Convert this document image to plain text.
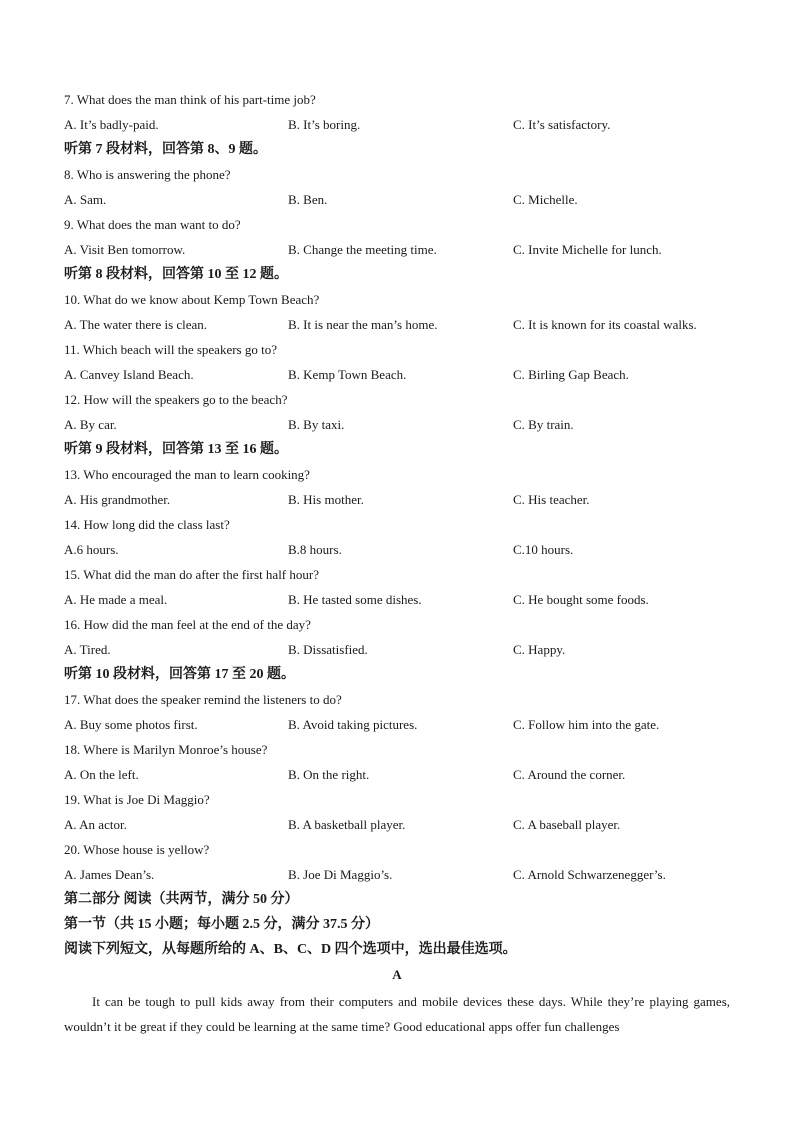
7. What does the man think of his part-time job?
A. It’s badly-paid.	B. It’s boring.	C. It’s satisfactory.
听第 7 段材料，回答第 8、9 题。
8. Who is answering the phone?
A. Sam.	B. Ben.	C. Michelle.
9. What does the man want to do?
A. Visit Ben tomorrow.	B. Change the meeting time.	C. Invite Michelle for lunch.
听第 8 段材料，回答第 10 至 12 题。
10. What do we know about Kemp Town Beach?
A. The water there is clean.	B. It is near the man’s home.	C. It is known for its coastal walks.
11. Which beach will the speakers go to?
A. Canvey Island Beach.	B. Kemp Town Beach.	C. Birling Gap Beach.
12. How will the speakers go to the beach?
A. By car.	B. By taxi.	C. By train.
听第 9 段材料，回答第 13 至 16 题。
13. Who encouraged the man to learn cooking?
A. His grandmother.	B. His mother.	C. His teacher.
14. How long did the class last?
A.6 hours.	B.8 hours.	C.10 hours.
15. What did the man do after the first half hour?
A. He made a meal.	B. He tasted some dishes.	C. He bought some foods.
16. How did the man feel at the end of the day?
A. Tired.	B. Dissatisfied.	C. Happy.
听第 10 段材料，回答第 17 至 20 题。
17. What does the speaker remind the listeners to do?
A. Buy some photos first.	B. Avoid taking pictures.	C. Follow him into the gate.
18. Where is Marilyn Monroe’s house?
A. On the left.	B. On the right.	C. Around the corner.
19. What is Joe Di Maggio?
A. An actor.	B. A basketball player.	C. A baseball player.
20. Whose house is yellow?
A. James Dean’s.	B. Joe Di Maggio’s.	C. Arnold Schwarzenegger’s.
第二部分 阅读（共两节，满分 50 分）
第一节（共 15 小题；每小题 2.5 分，满分 37.5 分）
阅读下列短文，从每题所给的 A、B、C、D 四个选项中，选出最佳选项。
A

It can be tough to pull kids away from their computers and mobile devices these days. While they’re playing games, wouldn’t it be great if they could be learning at the same time? Good educational apps offer fun challenges
